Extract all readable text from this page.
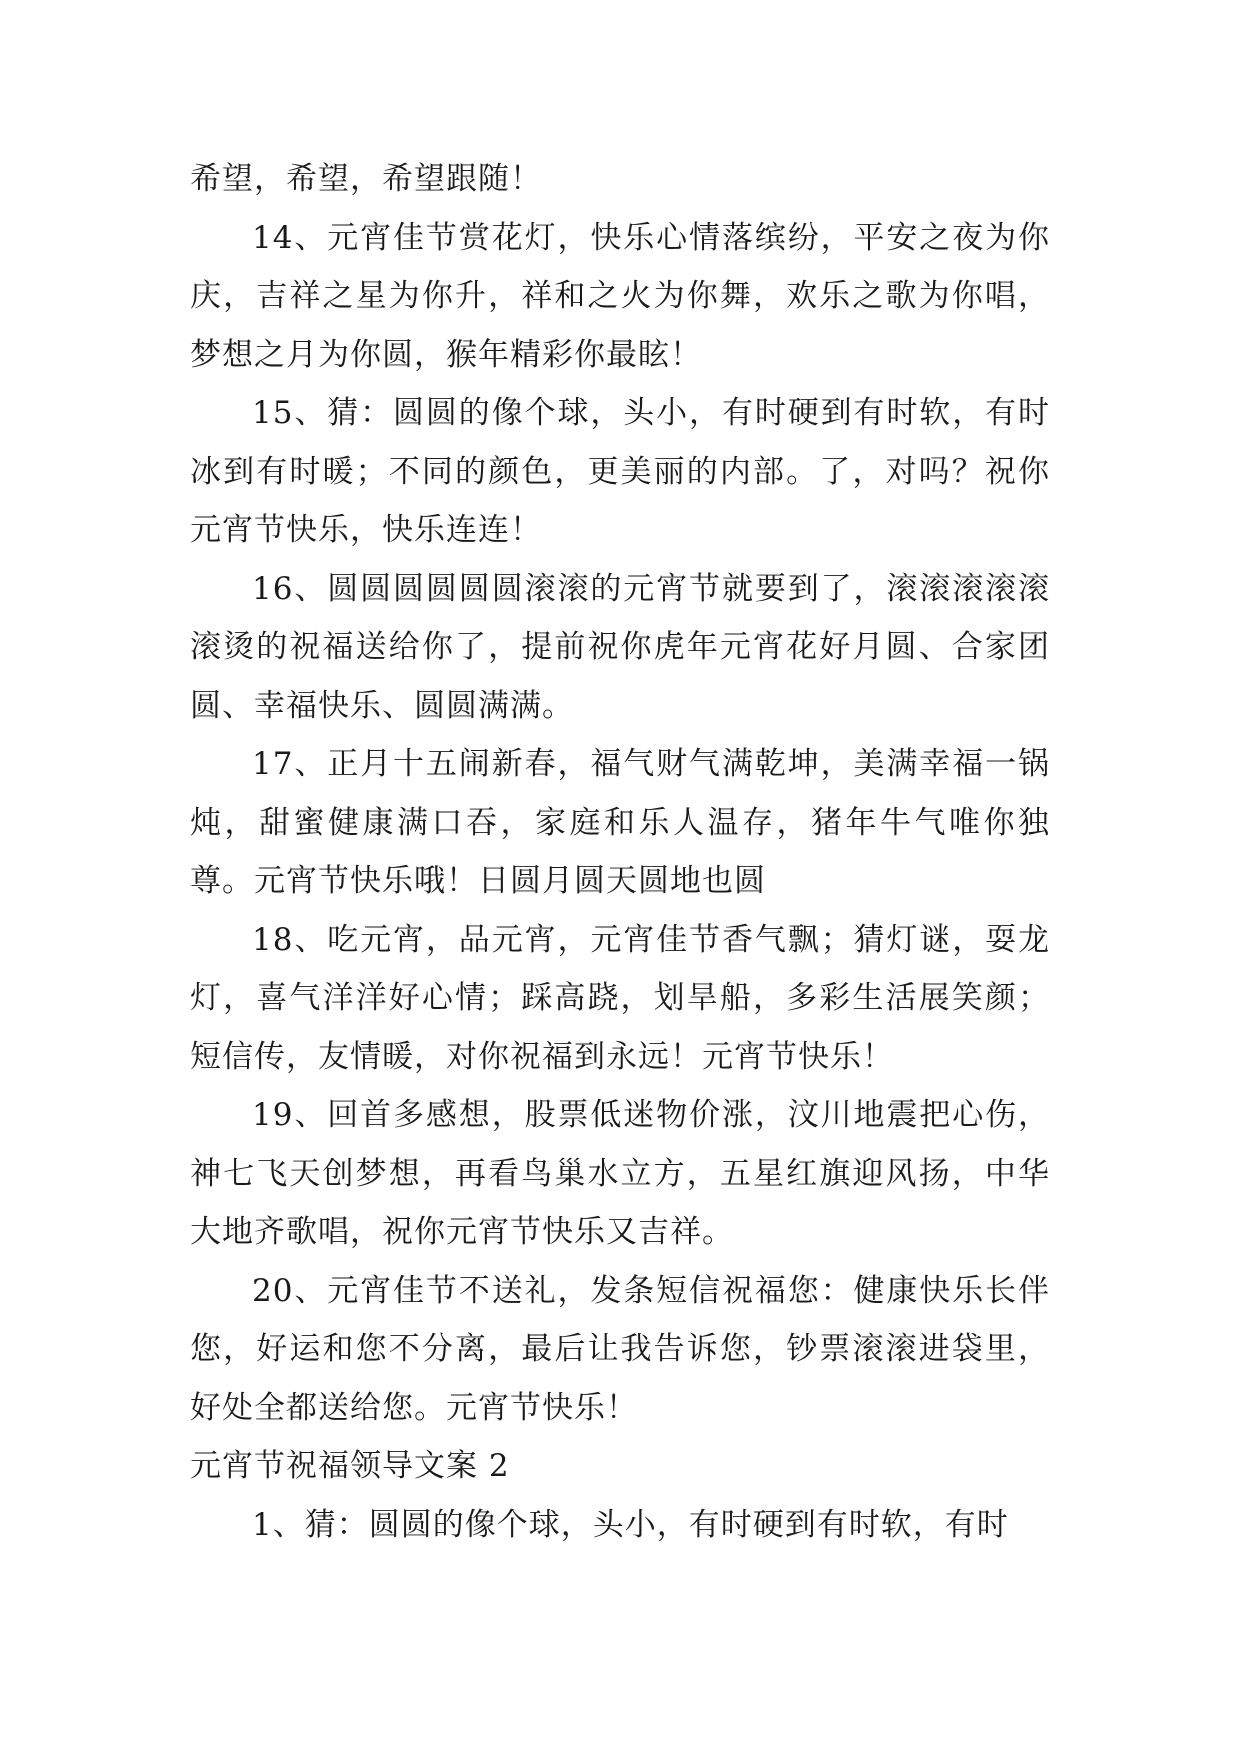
希望，希望，希望跟随！

14、元宵佳节赏花灯，快乐心情落缤纷，平安之夜为你庆，吉祥之星为你升，祥和之火为你舞，欢乐之歌为你唱，梦想之月为你圆，猴年精彩你最眩！

15、猜：圆圆的像个球，头小，有时硬到有时软，有时冰到有时暖；不同的颜色，更美丽的内部。了，对吗？祝你元宵节快乐，快乐连连！

16、圆圆圆圆圆圆滚滚的元宵节就要到了，滚滚滚滚滚滚烫的祝福送给你了，提前祝你虎年元宵花好月圆、合家团圆、幸福快乐、圆圆满满。

17、正月十五闹新春，福气财气满乾坤，美满幸福一锅炖，甜蜜健康满口吞，家庭和乐人温存，猪年牛气唯你独尊。元宵节快乐哦！日圆月圆天圆地也圆

18、吃元宵，品元宵，元宵佳节香气飘；猜灯谜，耍龙灯，喜气洋洋好心情；踩高跷，划旱船，多彩生活展笑颜；短信传，友情暖，对你祝福到永远！元宵节快乐！

19、回首多感想，股票低迷物价涨，汶川地震把心伤，神七飞天创梦想，再看鸟巢水立方，五星红旗迎风扬，中华大地齐歌唱，祝你元宵节快乐又吉祥。

20、元宵佳节不送礼，发条短信祝福您：健康快乐长伴您，好运和您不分离，最后让我告诉您，钞票滚滚进袋里，好处全都送给您。元宵节快乐！

元宵节祝福领导文案 2

1、猜：圆圆的像个球，头小，有时硬到有时软，有时
